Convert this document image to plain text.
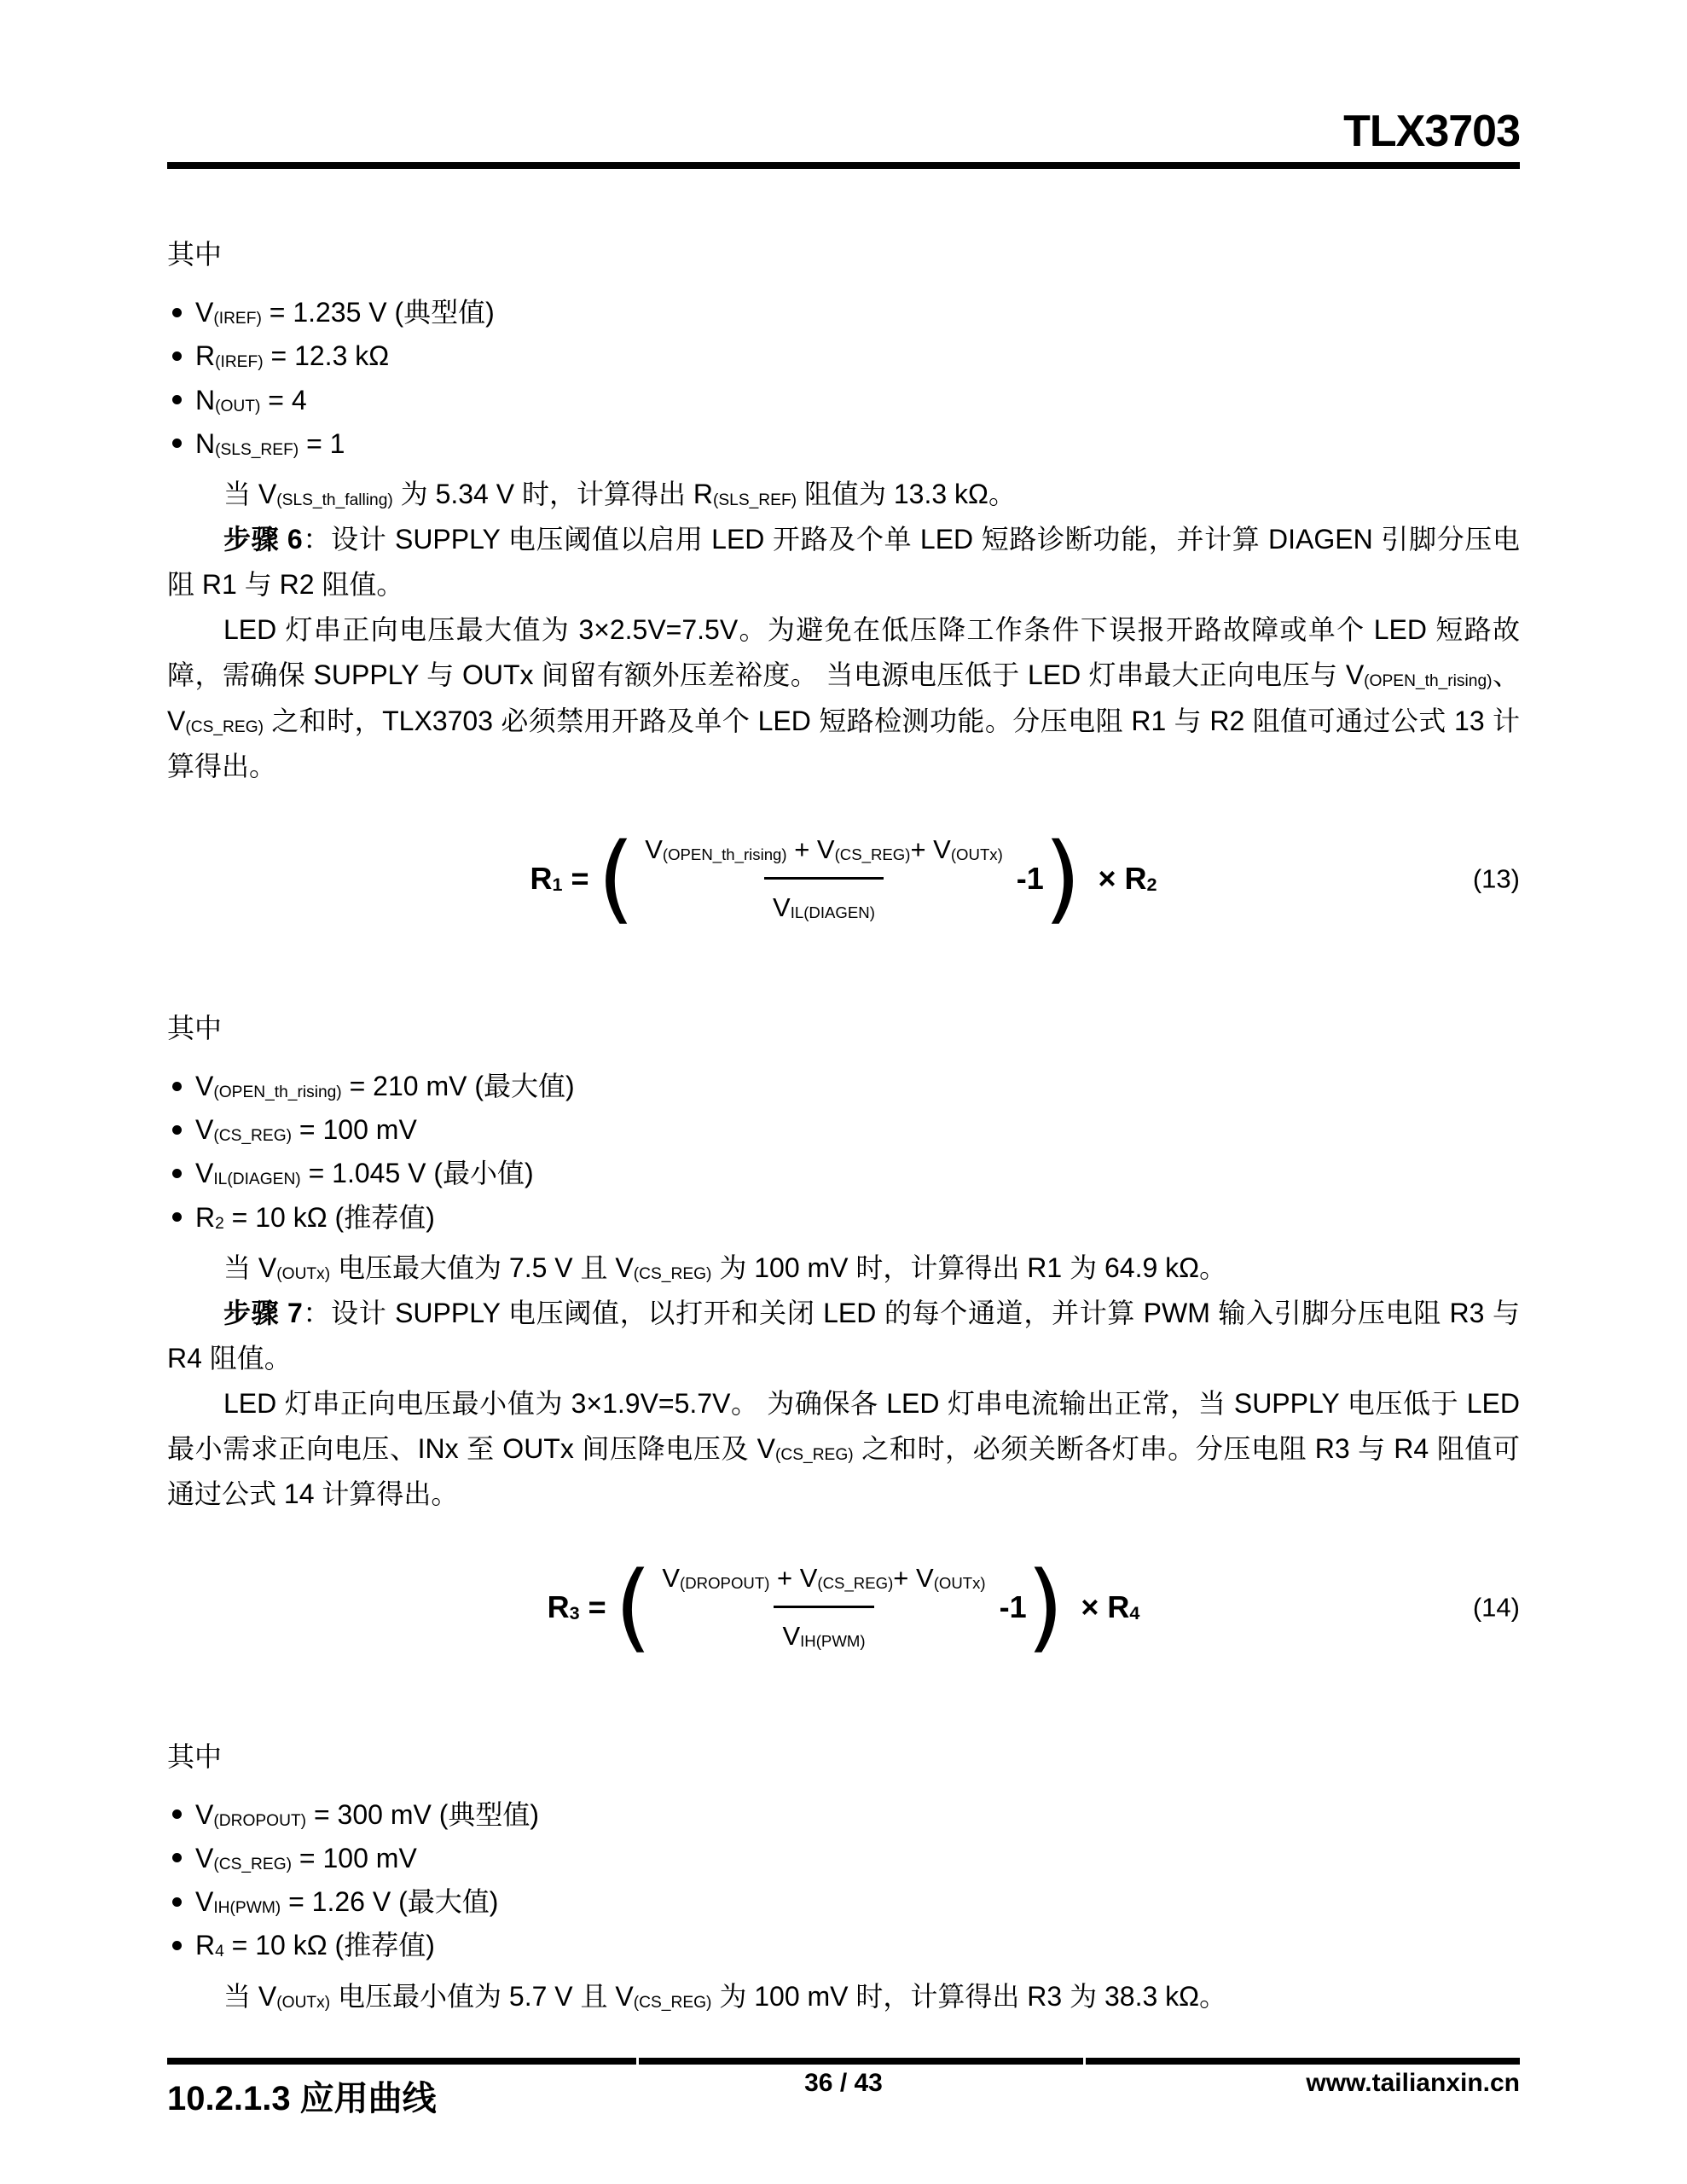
TLX3703

其中

V(IREF) = 1.235 V (典型值)
R(IREF) = 12.3 kΩ
N(OUT) = 4
N(SLS_REF) = 1

当 V(SLS_th_falling) 为 5.34 V 时，计算得出 R(SLS_REF) 阻值为 13.3 kΩ。

步骤 6：设计 SUPPLY 电压阈值以启用 LED 开路及个单 LED 短路诊断功能，并计算 DIAGEN 引脚分压电阻 R1 与 R2 阻值。

LED 灯串正向电压最大值为 3×2.5V=7.5V。为避免在低压降工作条件下误报开路故障或单个 LED 短路故障，需确保 SUPPLY 与 OUTx 间留有额外压差裕度。 当电源电压低于 LED 灯串最大正向电压与 V(OPEN_th_rising)、V(CS_REG) 之和时，TLX3703 必须禁用开路及单个 LED 短路检测功能。分压电阻 R1 与 R2 阻值可通过公式 13 计算得出。

R1 = ( $\frac{\text{V(OPEN\_th\_rising) + V(CS\_REG)+ V(OUTx)}}{\text{VIL(DIAGEN)}} -1$ ) × R2	(13)

其中

V(OPEN_th_rising) = 210 mV (最大值)
V(CS_REG) = 100 mV
VIL(DIAGEN) = 1.045 V (最小值)
R2 = 10 kΩ (推荐值)

当 V(OUTx) 电压最大值为 7.5 V 且 V(CS_REG) 为 100 mV 时，计算得出 R1 为 64.9 kΩ。

步骤 7：设计 SUPPLY 电压阈值，以打开和关闭 LED 的每个通道，并计算 PWM 输入引脚分压电阻 R3 与 R4 阻值。

LED 灯串正向电压最小值为 3×1.9V=5.7V。 为确保各 LED 灯串电流输出正常，当 SUPPLY 电压低于 LED 最小需求正向电压、INx 至 OUTx 间压降电压及 V(CS_REG) 之和时，必须关断各灯串。分压电阻 R3 与 R4 阻值可通过公式 14 计算得出。

R3 = ( $\frac{\text{V(DROPOUT) + V(CS\_REG)+ V(OUTx)}}{\text{VIH(PWM)}} -1$ ) × R4	(14)

其中

V(DROPOUT) = 300 mV (典型值)
V(CS_REG) = 100 mV
VIH(PWM) = 1.26 V (最大值)
R4 = 10 kΩ (推荐值)

当 V(OUTx) 电压最小值为 5.7 V 且 V(CS_REG) 为 100 mV 时，计算得出 R3 为 38.3 kΩ。

10.2.1.3 应用曲线	36 / 43	www.tailianxin.cn
